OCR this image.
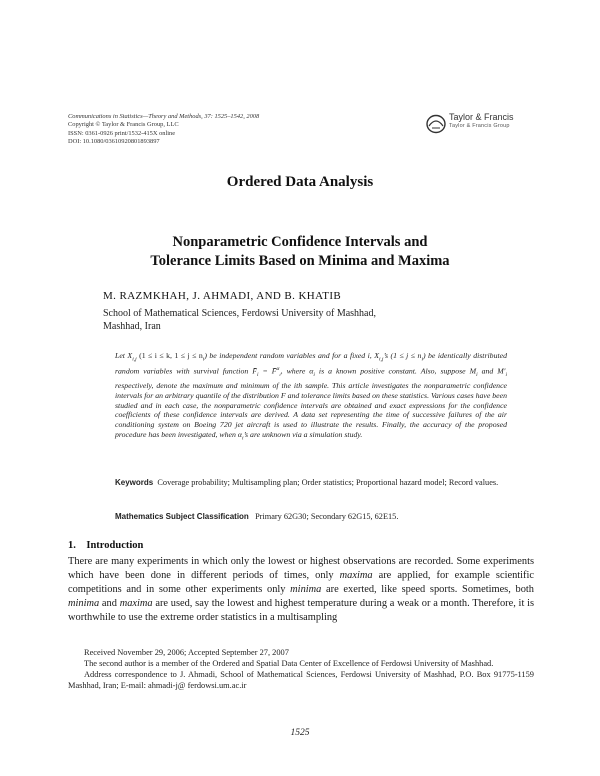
Communications in Statistics—Theory and Methods, 37: 1525–1542, 2008
Copyright © Taylor & Francis Group, LLC
ISSN: 0361-0926 print/1532-415X online
DOI: 10.1080/03610920801893897
Taylor & Francis
Taylor & Francis Group
Ordered Data Analysis
Nonparametric Confidence Intervals and
Tolerance Limits Based on Minima and Maxima
M. RAZMKHAH, J. AHMADI, AND B. KHATIB
School of Mathematical Sciences, Ferdowsi University of Mashhad,
Mashhad, Iran
Let $X_{i,j}$ (1 ≤ i ≤ k, $1 \le j \le n_i$) be independent random variables and for a fixed i, $X_{i,j}’s$ $(1 \le j \le n_i)$ be identically distributed random variables with survival function $F̄_i$ = F̄$^\alpha_i$, where $\alpha_i$ is a known positive constant. Also, suppose $M_i$ and $M'_i$ respectively, denote the maximum and minimum of the ith sample. This article investigates the nonparametric confidence intervals for an arbitrary quantile of the distribution F and tolerance limits based on these statistics. Various cases have been studied and in each case, the nonparametric confidence intervals are obtained and exact expressions for the confidence coefficients of these confidence intervals are derived. A data set representing the time of successive failures of the air conditioning system on Boeing 720 jet aircraft is used to illustrate the results. Finally, the accuracy of the proposed procedure has been investigated, when $\alpha_i’s$ are unknown via a simulation study.
Keywords Coverage probability; Multisampling plan; Order statistics; Proportional hazard model; Record values.
Mathematics Subject Classification Primary 62G30; Secondary 62G15, 62E15.
1. Introduction
There are many experiments in which only the lowest or highest observations are recorded. Some experiments which have been done in different periods of times, only maxima are applied, for example scientific competitions and in some other experiments only minima are exerted, like speed sports. Sometimes, both minima and maxima are used, say the lowest and highest temperature during a weak or a month. Therefore, it is worthwhile to use the extreme order statistics in a multisampling

Received November 29, 2006; Accepted September 27, 2007

The second author is a member of the Ordered and Spatial Data Center of Excellence of Ferdowsi University of Mashhad.

Address correspondence to J. Ahmadi, School of Mathematical Sciences, Ferdowsi University of Mashhad, P.O. Box 91775-1159 Mashhad, Iran; E-mail: ahmadi-j@ ferdowsi.um.ac.ir

1525
